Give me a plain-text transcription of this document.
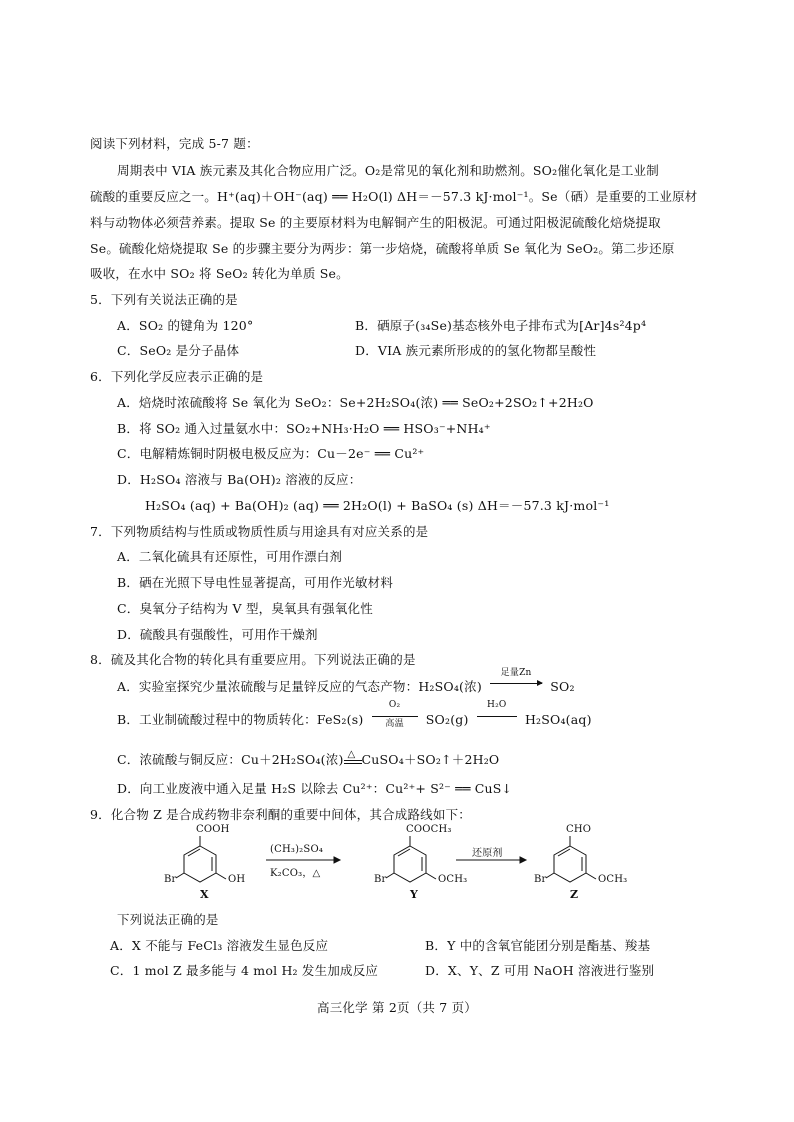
阅读下列材料，完成 5-7 题：
周期表中 VIA 族元素及其化合物应用广泛。O₂是常见的氧化剂和助燃剂。SO₂催化氧化是工业制
硫酸的重要反应之一。H⁺(aq)＋OH⁻(aq) ══ H₂O(l) ΔH＝－57.3 kJ·mol⁻¹。Se（硒）是重要的工业原材
料与动物体必须营养素。提取 Se 的主要原材料为电解铜产生的阳极泥。可通过阳极泥硫酸化焙烧提取
Se。硫酸化焙烧提取 Se 的步骤主要分为两步：第一步焙烧，硫酸将单质 Se 氧化为 SeO₂。第二步还原
吸收，在水中 SO₂ 将 SeO₂ 转化为单质 Se。
5．下列有关说法正确的是
A．SO₂ 的键角为 120°	B．硒原子(₃₄Se)基态核外电子排布式为[Ar]4s²4p⁴
C．SeO₂ 是分子晶体	D．VIA 族元素所形成的的氢化物都呈酸性
6．下列化学反应表示正确的是
A．焙烧时浓硫酸将 Se 氧化为 SeO₂：Se+2H₂SO₄(浓) ══ SeO₂+2SO₂↑+2H₂O
B．将 SO₂ 通入过量氨水中：SO₂+NH₃·H₂O ══ HSO₃⁻+NH₄⁺
C．电解精炼铜时阴极电极反应为：Cu－2e⁻ ══ Cu²⁺
D．H₂SO₄ 溶液与 Ba(OH)₂ 溶液的反应：
H₂SO₄ (aq) + Ba(OH)₂ (aq) ══ 2H₂O(l) + BaSO₄ (s) ΔH＝－57.3 kJ·mol⁻¹
7．下列物质结构与性质或物质性质与用途具有对应关系的是
A．二氧化硫具有还原性，可用作漂白剂
B．硒在光照下导电性显著提高，可用作光敏材料
C．臭氧分子结构为 V 型，臭氧具有强氧化性
D．硫酸具有强酸性，可用作干燥剂
8．硫及其化合物的转化具有重要应用。下列说法正确的是
A．实验室探究少量浓硫酸与足量锌反应的气态产物：H₂SO₄(浓)
足量Zn
SO₂
B．工业制硫酸过程中的物质转化：FeS₂(s)
O₂
高温	SO₂(g)
H₂O
H₂SO₄(aq)
C．浓硫酸与铜反应：Cu＋2H₂SO₄(浓) △ CuSO₄＋SO₂↑＋2H₂O
D．向工业废液中通入足量 H₂S 以除去 Cu²⁺：Cu²⁺+ S²⁻ ══ CuS↓
9．化合物 Z 是合成药物非奈利酮的重要中间体，其合成路线如下：
COOH
OH
Br
X
(CH₃)₂SO₄
K₂CO₃，△
COOCH₃
OCH₃
Br
Y
还原剂
CHO
OCH₃
Br
Z
下列说法正确的是
A．X 不能与 FeCl₃ 溶液发生显色反应	B．Y 中的含氧官能团分别是酯基、羧基
C．1 mol Z 最多能与 4 mol H₂ 发生加成反应	D．X、Y、Z 可用 NaOH 溶液进行鉴别
高三化学 第 2页（共 7 页）
